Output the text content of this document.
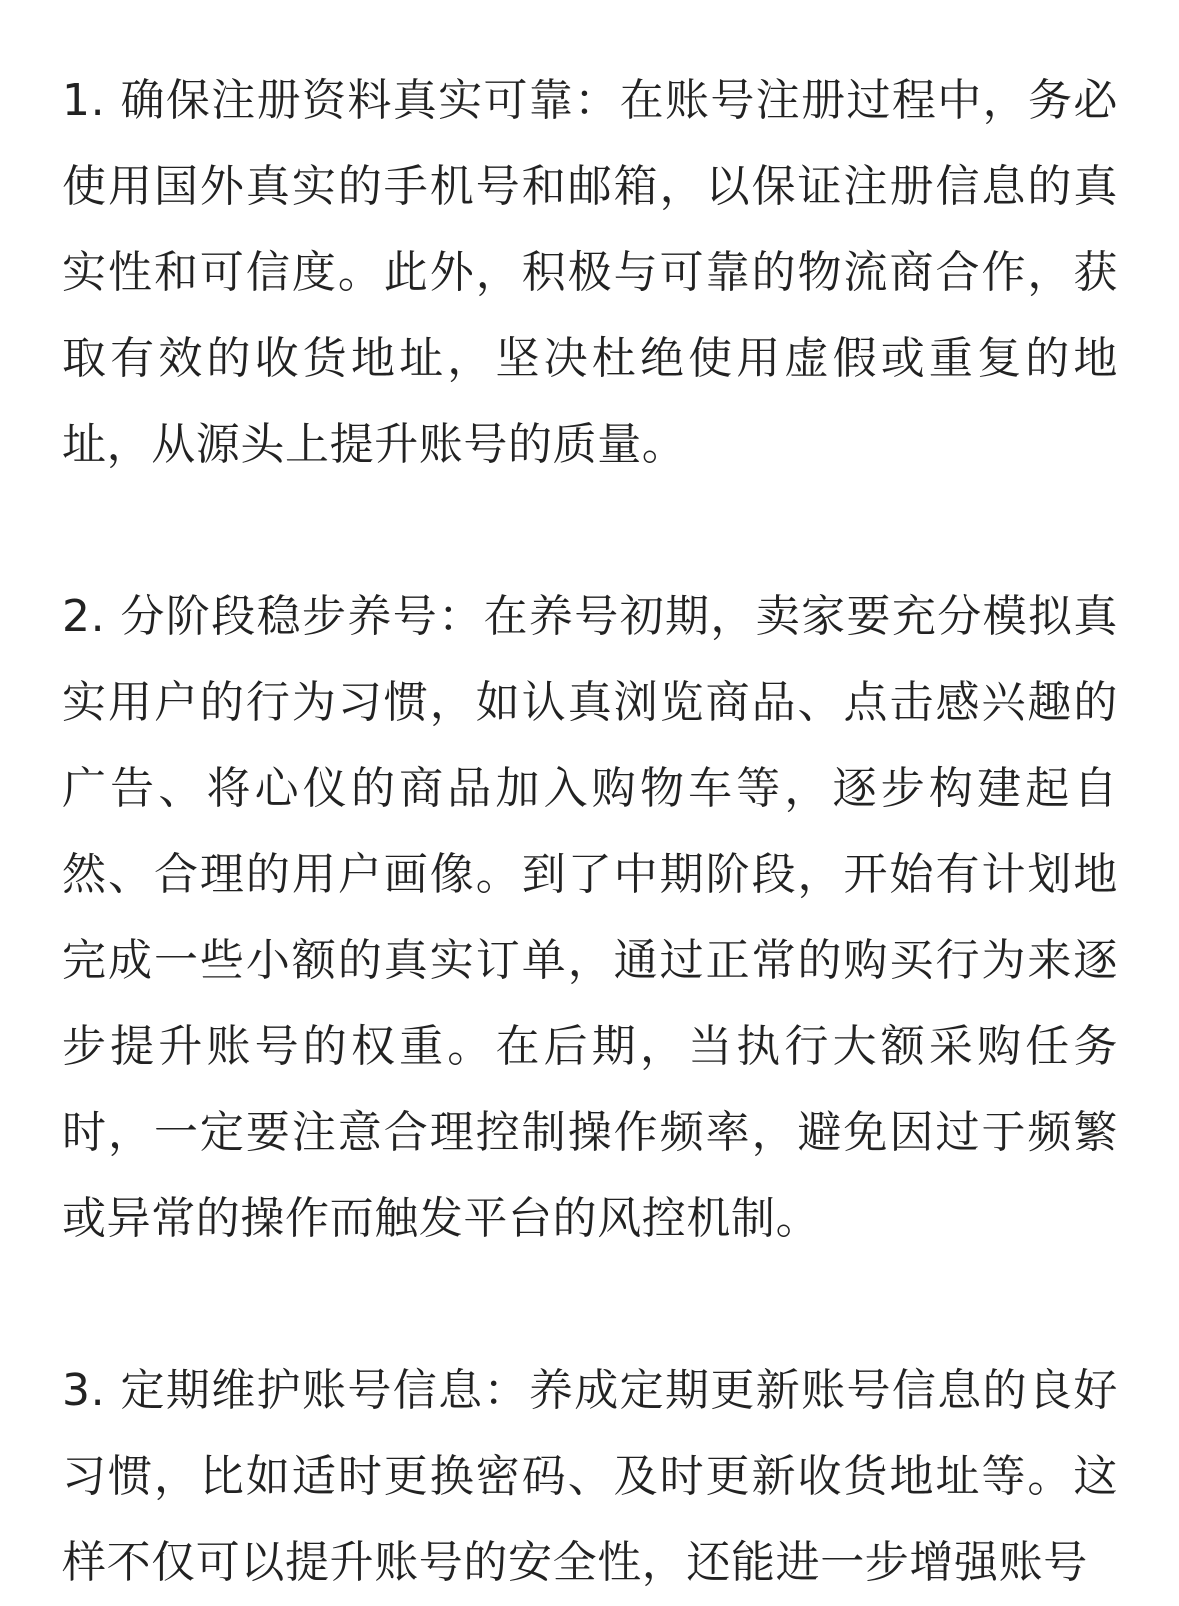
1. 确保注册资料真实可靠：在账号注册过程中，务必使用国外真实的手机号和邮箱，以保证注册信息的真实性和可信度。此外，积极与可靠的物流商合作，获取有效的收货地址，坚决杜绝使用虚假或重复的地址，从源头上提升账号的质量。

2. 分阶段稳步养号：在养号初期，卖家要充分模拟真实用户的行为习惯，如认真浏览商品、点击感兴趣的广告、将心仪的商品加入购物车等，逐步构建起自然、合理的用户画像。到了中期阶段，开始有计划地完成一些小额的真实订单，通过正常的购买行为来逐步提升账号的权重。在后期，当执行大额采购任务时，一定要注意合理控制操作频率，避免因过于频繁或异常的操作而触发平台的风控机制。

3. 定期维护账号信息：养成定期更新账号信息的良好习惯，比如适时更换密码、及时更新收货地址等。这样不仅可以提升账号的安全性，还能进一步增强账号
